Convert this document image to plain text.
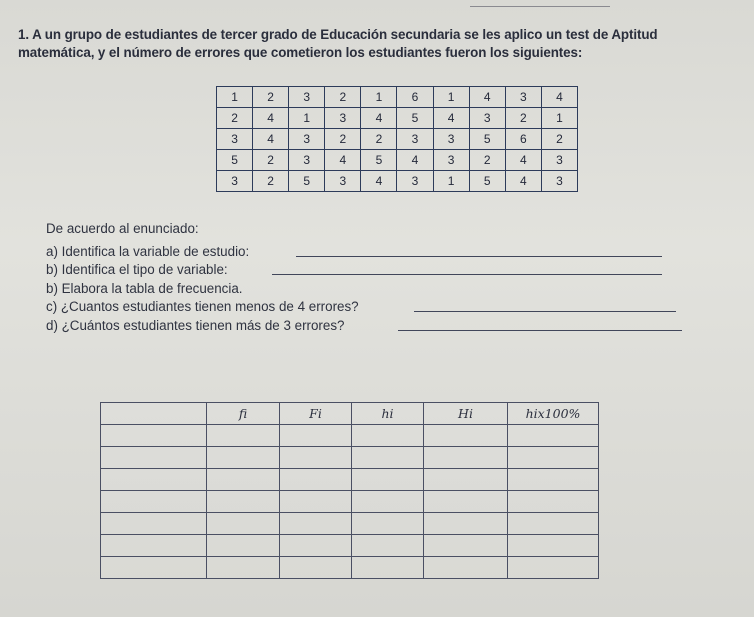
1. A un grupo de estudiantes de tercer grado de Educación secundaria se les aplico un test de Aptitud
matemática, y el número de errores que cometieron los estudiantes fueron los siguientes:
1	2	3	2	1	6	1	4	3	4
2	4	1	3	4	5	4	3	2	1
3	4	3	2	2	3	3	5	6	2
5	2	3	4	5	4	3	2	4	3
3	2	5	3	4	3	1	5	4	3
De acuerdo al enunciado:
a) Identifica la variable de estudio:
b) Identifica el tipo de variable:
b) Elabora la tabla de frecuencia.
c) ¿Cuantos estudiantes tienen menos de 4 errores?
d) ¿Cuántos estudiantes tienen más de 3 errores?
	fi	Fi	hi	Hi	hix100%
